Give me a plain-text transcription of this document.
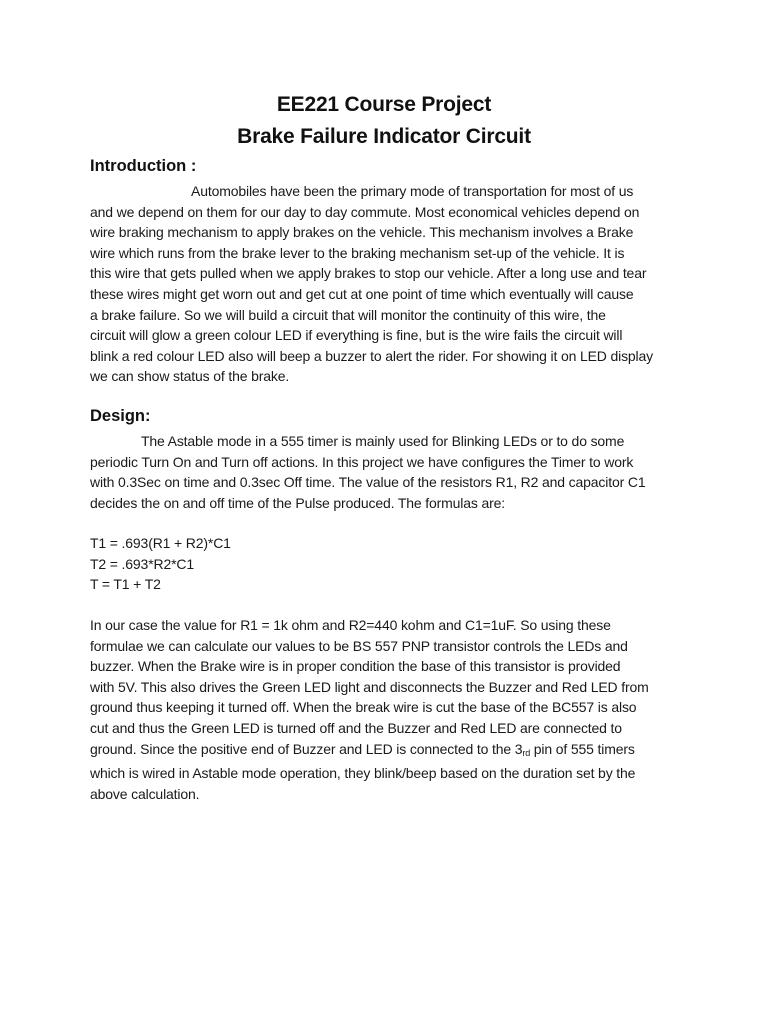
EE221 Course Project
Brake Failure Indicator Circuit
Introduction :
Automobiles have been the primary mode of transportation for most of us
and we depend on them for our day to day commute. Most economical vehicles depend on
wire braking mechanism to apply brakes on the vehicle. This mechanism involves a Brake
wire which runs from the brake lever to the braking mechanism set-up of the vehicle. It is
this wire that gets pulled when we apply brakes to stop our vehicle. After a long use and tear
these wires might get worn out and get cut at one point of time which eventually will cause
a brake failure. So we will build a circuit that will monitor the continuity of this wire, the
circuit will glow a green colour LED if everything is fine, but is the wire fails the circuit will
blink a red colour LED also will beep a buzzer to alert the rider. For showing it on LED display
we can show status of the brake.
Design:
The Astable mode in a 555 timer is mainly used for Blinking LEDs or to do some
periodic Turn On and Turn off actions. In this project we have configures the Timer to work
with 0.3Sec on time and 0.3sec Off time. The value of the resistors R1, R2 and capacitor C1
decides the on and off time of the Pulse produced. The formulas are:
T1 = .693(R1 + R2)*C1
T2 = .693*R2*C1
T = T1 + T2
In our case the value for R1 = 1k ohm and R2=440 kohm and C1=1uF. So using these
formulae we can calculate our values to be BS 557 PNP transistor controls the LEDs and
buzzer. When the Brake wire is in proper condition the base of this transistor is provided
with 5V. This also drives the Green LED light and disconnects the Buzzer and Red LED from
ground thus keeping it turned off. When the break wire is cut the base of the BC557 is also
cut and thus the Green LED is turned off and the Buzzer and Red LED are connected to
ground. Since the positive end of Buzzer and LED is connected to the 3rd pin of 555 timers
which is wired in Astable mode operation, they blink/beep based on the duration set by the
above calculation.
